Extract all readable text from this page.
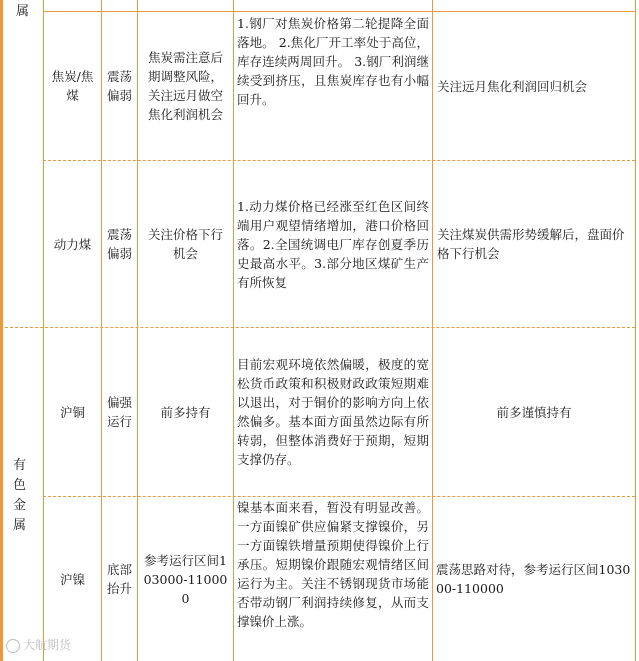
属
有色金属
焦炭/焦煤
震荡偏弱
焦炭需注意后期调整风险，关注远月做空焦化利润机会
1.钢厂对焦炭价格第二轮提降全面落地。 2.焦化厂开工率处于高位，库存连续两周回升。 3.钢厂利润继续受到挤压，且焦炭库存也有小幅回升。
关注远月焦化利润回归机会
动力煤
震荡偏弱
关注价格下行机会
1.动力煤价格已经涨至红色区间终端用户观望情绪增加，港口价格回落。2.全国统调电厂库存创夏季历史最高水平。3.部分地区煤矿生产有所恢复
关注煤炭供需形势缓解后，盘面价格下行机会
沪铜
偏强运行
前多持有
目前宏观环境依然偏暖，极度的宽松货币政策和积极财政政策短期难以退出，对于铜价的影响方向上依然偏多。基本面方面虽然边际有所转弱，但整体消费好于预期，短期支撑仍存。
前多谨慎持有
沪镍
底部抬升
参考运行区间103000-110000
镍基本面来看，暂没有明显改善。一方面镍矿供应偏紧支撑镍价，另一方面镍铁增量预期使得镍价上行承压。短期镍价跟随宏观情绪区间运行为主。关注不锈钢现货市场能否带动钢厂利润持续修复，从而支撑镍价上涨。
震荡思路对待，参考运行区间103000-110000
大航期货
